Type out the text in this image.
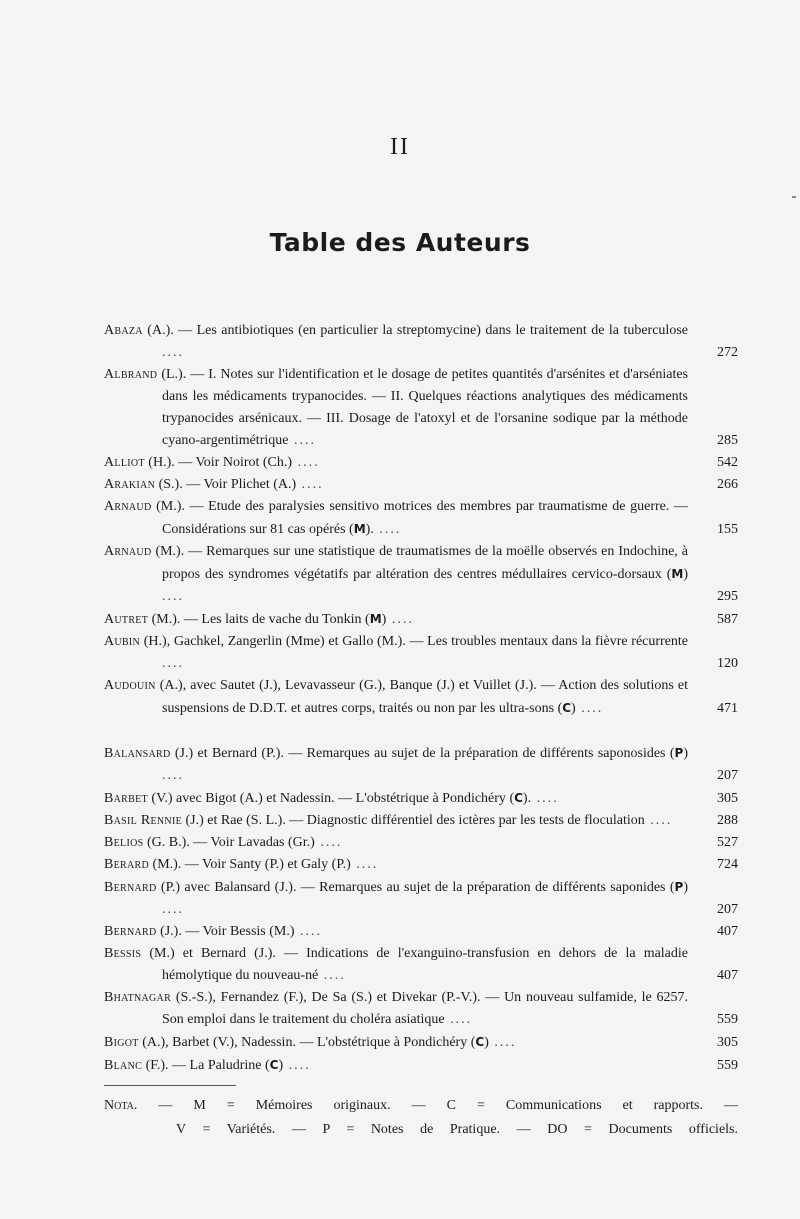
II
Table des Auteurs
Abaza (A.). — Les antibiotiques (en particulier la streptomycine) dans le traitement de la tuberculose ....	272
Albrand (L.). — I. Notes sur l'identification et le dosage de petites quantités d'arsénites et d'arséniates dans les médicaments trypanocides. — II. Quelques réactions analytiques des médicaments trypanocides arsénicaux. — III. Dosage de l'atoxyl et de l'orsanine sodique par la méthode cyano-argentimétrique ....	285
Alliot (H.). — Voir Noirot (Ch.) ....	542
Arakian (S.). — Voir Plichet (A.) ....	266
Arnaud (M.). — Etude des paralysies sensitivo motrices des membres par traumatisme de guerre. — Considérations sur 81 cas opérés (M). ....	155
Arnaud (M.). — Remarques sur une statistique de traumatismes de la moëlle observés en Indochine, à propos des syndromes végétatifs par altération des centres médullaires cervico-dorsaux (M) ....	295
Autret (M.). — Les laits de vache du Tonkin (M) ....	587
Aubin (H.), Gachkel, Zangerlin (Mme) et Gallo (M.). — Les troubles mentaux dans la fièvre récurrente ....	120
Audouin (A.), avec Sautet (J.), Levavasseur (G.), Banque (J.) et Vuillet (J.). — Action des solutions et suspensions de D.D.T. et autres corps, traités ou non par les ultra-sons (C) ....	471
Balansard (J.) et Bernard (P.). — Remarques au sujet de la préparation de différents saponosides (P) ....	207
Barbet (V.) avec Bigot (A.) et Nadessin. — L'obstétrique à Pondichéry (C). ....	305
Basil Rennie (J.) et Rae (S. L.). — Diagnostic différentiel des ictères par les tests de floculation ....	288
Belios (G. B.). — Voir Lavadas (Gr.) ....	527
Berard (M.). — Voir Santy (P.) et Galy (P.) ....	724
Bernard (P.) avec Balansard (J.). — Remarques au sujet de la préparation de différents saponides (P) ....	207
Bernard (J.). — Voir Bessis (M.) ....	407
Bessis (M.) et Bernard (J.). — Indications de l'exanguino-transfusion en dehors de la maladie hémolytique du nouveau-né ....	407
Bhatnagar (S.-S.), Fernandez (F.), De Sa (S.) et Divekar (P.-V.). — Un nouveau sulfamide, le 6257. Son emploi dans le traitement du choléra asiatique ....	559
Bigot (A.), Barbet (V.), Nadessin. — L'obstétrique à Pondichéry (C) ....	305
Blanc (F.). — La Paludrine (C) ....	559
Nota. — M = Mémoires originaux. — C = Communications et rapports. —
V = Variétés. — P = Notes de Pratique. — DO = Documents officiels.
